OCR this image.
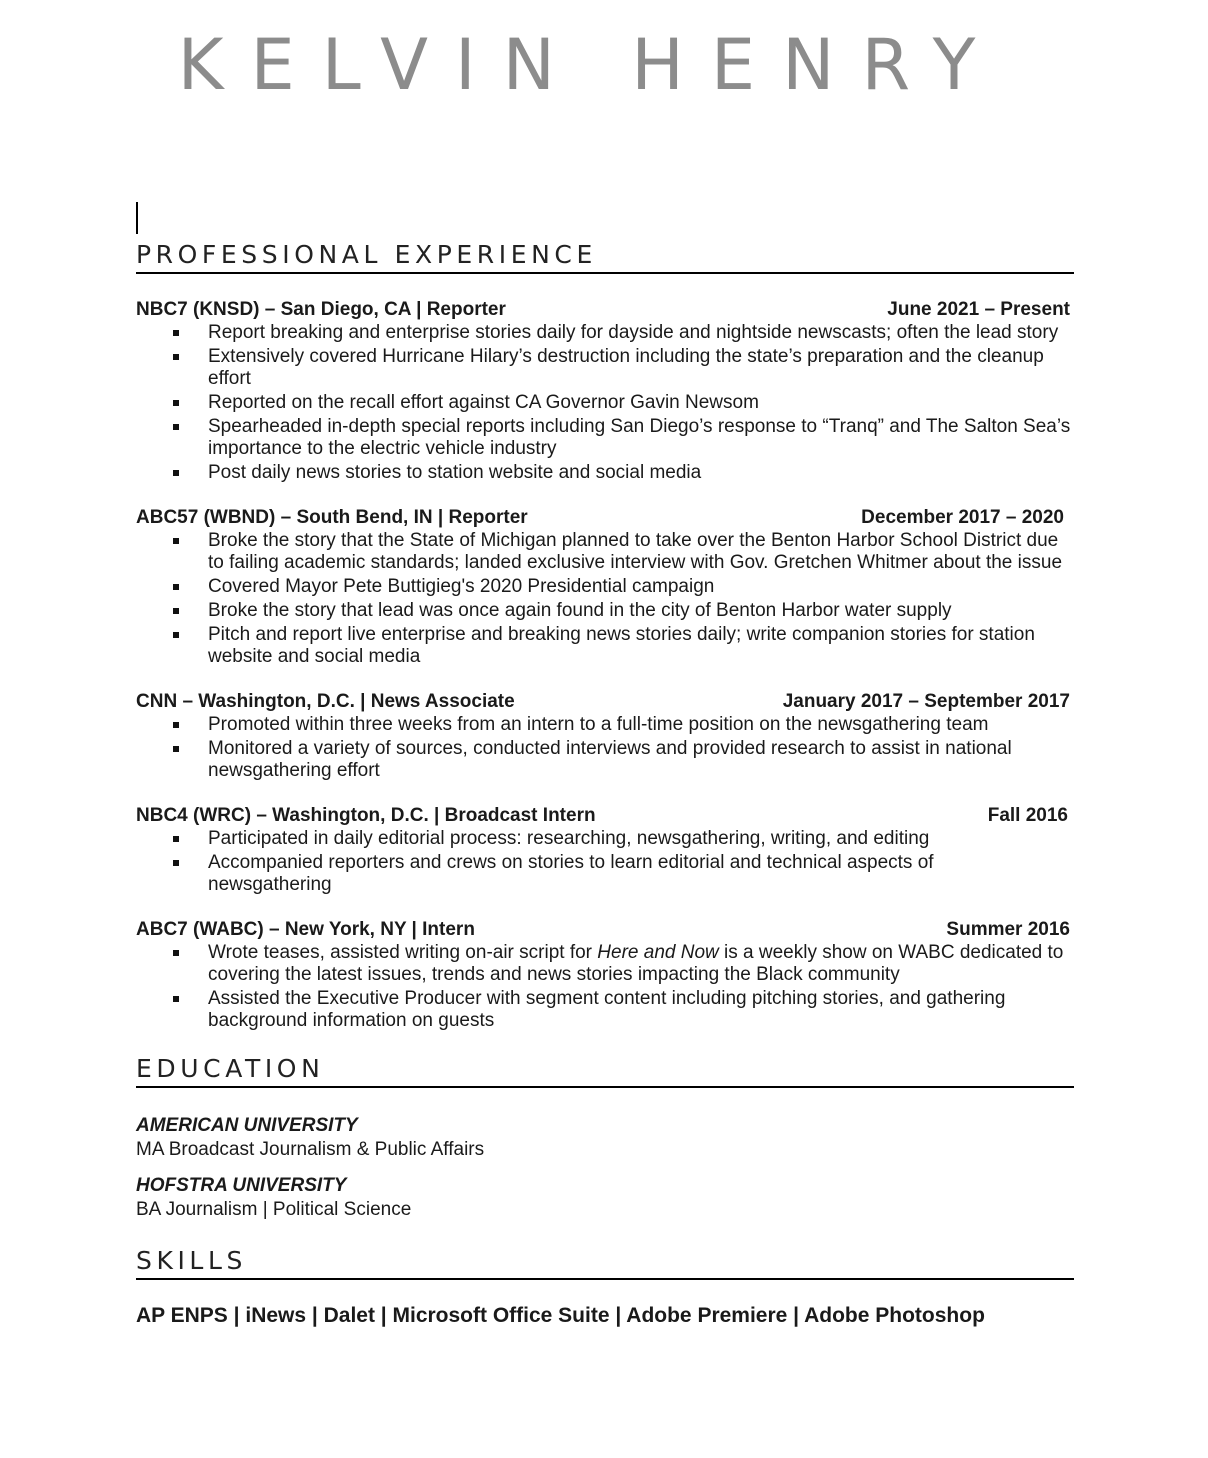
KELVIN HENRY
PROFESSIONAL EXPERIENCE
NBC7 (KNSD) – San Diego, CA | Reporter	June 2021 – Present
Report breaking and enterprise stories daily for dayside and nightside newscasts; often the lead story
Extensively covered Hurricane Hilary’s destruction including the state’s preparation and the cleanup effort
Reported on the recall effort against CA Governor Gavin Newsom
Spearheaded in-depth special reports including San Diego’s response to “Tranq” and The Salton Sea’s importance to the electric vehicle industry
Post daily news stories to station website and social media
ABC57 (WBND) – South Bend, IN | Reporter	December 2017 – 2020
Broke the story that the State of Michigan planned to take over the Benton Harbor School District due to failing academic standards; landed exclusive interview with Gov. Gretchen Whitmer about the issue
Covered Mayor Pete Buttigieg's 2020 Presidential campaign
Broke the story that lead was once again found in the city of Benton Harbor water supply
Pitch and report live enterprise and breaking news stories daily; write companion stories for station website and social media
CNN – Washington, D.C. | News Associate	January 2017 – September 2017
Promoted within three weeks from an intern to a full-time position on the newsgathering team
Monitored a variety of sources, conducted interviews and provided research to assist in national newsgathering effort
NBC4 (WRC) – Washington, D.C. | Broadcast Intern	Fall 2016
Participated in daily editorial process: researching, newsgathering, writing, and editing
Accompanied reporters and crews on stories to learn editorial and technical aspects of newsgathering
ABC7 (WABC) – New York, NY | Intern	Summer 2016
Wrote teases, assisted writing on-air script for Here and Now is a weekly show on WABC dedicated to covering the latest issues, trends and news stories impacting the Black community
Assisted the Executive Producer with segment content including pitching stories, and gathering background information on guests
EDUCATION
AMERICAN UNIVERSITY
MA Broadcast Journalism & Public Affairs
HOFSTRA UNIVERSITY
BA Journalism | Political Science
SKILLS
AP ENPS | iNews | Dalet | Microsoft Office Suite | Adobe Premiere | Adobe Photoshop
